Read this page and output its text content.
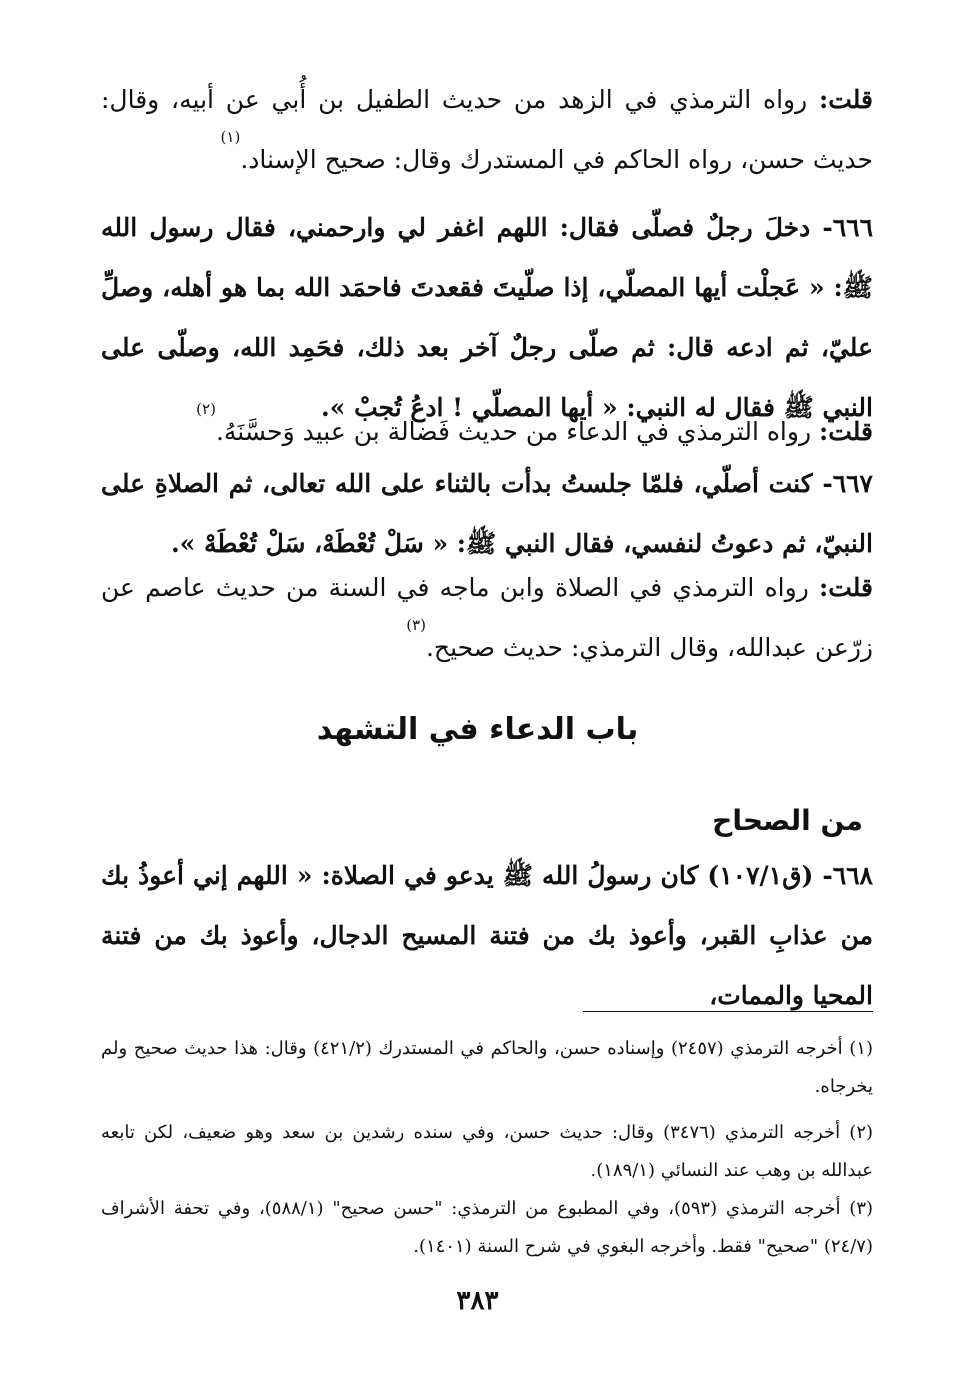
قلت: رواه الترمذي في الزهد من حديث الطفيل بن أُبي عن أبيه، وقال: حديث حسن، رواه الحاكم في المستدرك وقال: صحيح الإسناد.$^{(١)}$

٦٦٦- دخلَ رجلٌ فصلّى فقال: اللهم اغفر لي وارحمني، فقال رسول الله ﷺ: « عَجلْت أيها المصلّي، إذا صلّيتَ فقعدتَ فاحمَد الله بما هو أهله، وصلِّ عليّ، ثم ادعه قال: ثم صلّى رجلٌ آخر بعد ذلك، فحَمِد الله، وصلّى على النبي ﷺ فقال له النبي: « أيها المصلّي ! ادعُ تُجبْ ».

قلت: رواه الترمذي في الدعاء من حديث فَضالة بن عبيد وَحسَّنَهُ.$^{(٢)}$

٦٦٧- كنت أصلّي، فلمّا جلستُ بدأت بالثناء على الله تعالى، ثم الصلاةِ على النبيّ، ثم دعوتُ لنفسي، فقال النبي ﷺ: « سَلْ تُعْطَهْ، سَلْ تُعْطَهْ ».

قلت: رواه الترمذي في الصلاة وابن ماجه في السنة من حديث عاصم عن زرّعن عبدالله، وقال الترمذي: حديث صحيح.$^{(٣)}$

باب الدعاء في التشهد
من الصحاح

٦٦٨- (ق١٠٧/١) كان رسولُ الله ﷺ يدعو في الصلاة: « اللهم إني أعوذُ بك من عذابِ القبر، وأعوذ بك من فتنة المسيح الدجال، وأعوذ بك من فتنة المحيا والممات،

(١) أخرجه الترمذي (٢٤٥٧) وإسناده حسن، والحاكم في المستدرك (٤٢١/٢) وقال: هذا حديث صحيح ولم يخرجاه.

(٢) أخرجه الترمذي (٣٤٧٦) وقال: حديث حسن، وفي سنده رشدين بن سعد وهو ضعيف، لكن تابعه عبدالله بن وهب عند النسائي (١٨٩/١).

(٣) أخرجه الترمذي (٥٩٣)، وفي المطبوع من الترمذي: "حسن صحيح" (٥٨٨/١)، وفي تحفة الأشراف (٢٤/٧) "صحيح" فقط. وأخرجه البغوي في شرح السنة (١٤٠١).

٣٨٣
